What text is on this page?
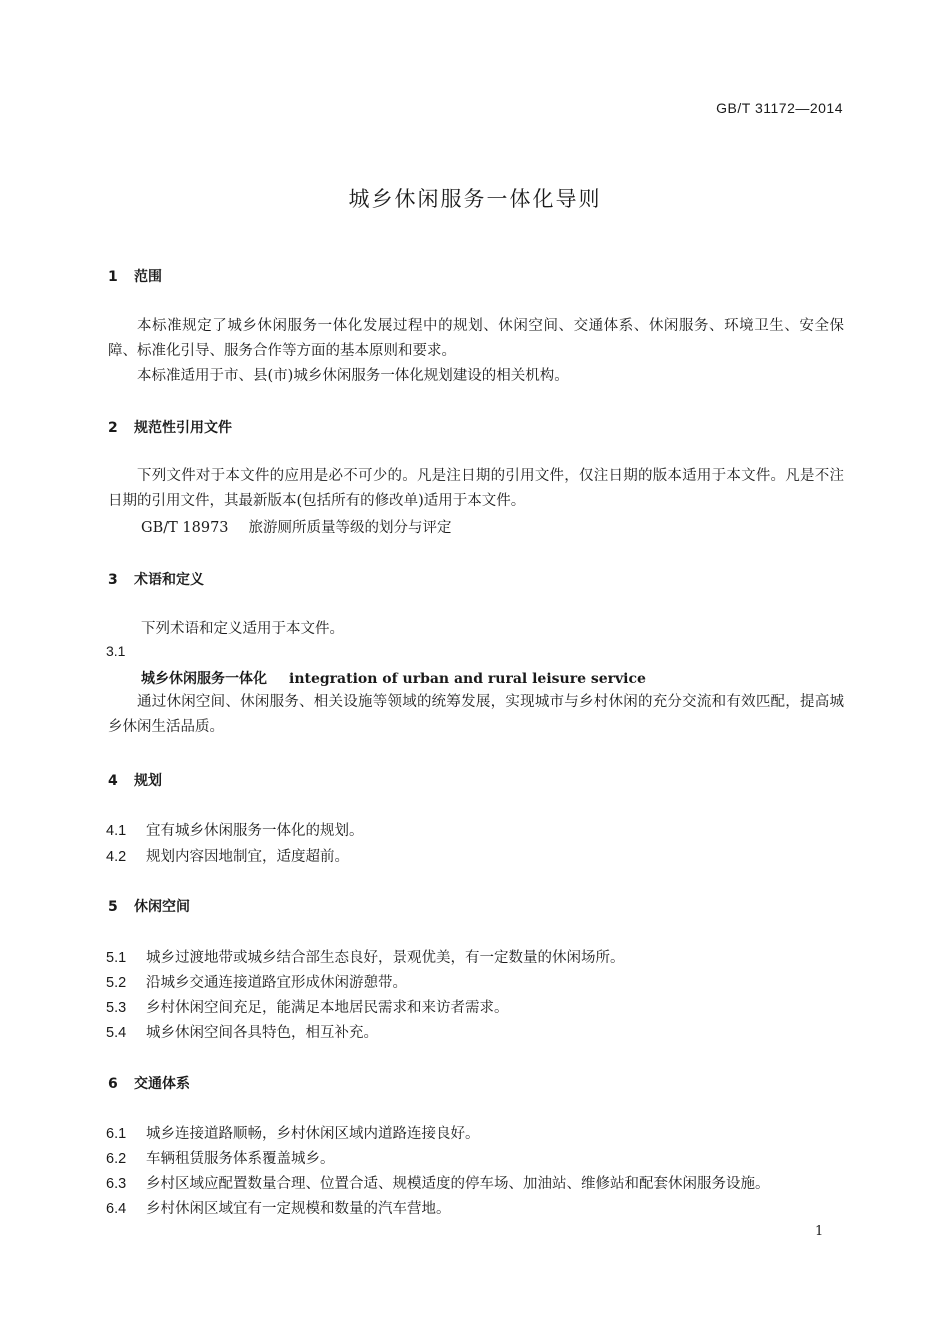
GB/T 31172—2014
城乡休闲服务一体化导则
1 范围
本标准规定了城乡休闲服务一体化发展过程中的规划、休闲空间、交通体系、休闲服务、环境卫生、安全保障、标准化引导、服务合作等方面的基本原则和要求。
本标准适用于市、县(市)城乡休闲服务一体化规划建设的相关机构。
2 规范性引用文件
下列文件对于本文件的应用是必不可少的。凡是注日期的引用文件，仅注日期的版本适用于本文件。凡是不注日期的引用文件，其最新版本(包括所有的修改单)适用于本文件。
GB/T 18973 旅游厕所质量等级的划分与评定
3 术语和定义
下列术语和定义适用于本文件。
3.1
城乡休闲服务一体化 integration of urban and rural leisure service
通过休闲空间、休闲服务、相关设施等领域的统筹发展，实现城市与乡村休闲的充分交流和有效匹配，提高城乡休闲生活品质。
4 规划
4.1 宜有城乡休闲服务一体化的规划。
4.2 规划内容因地制宜，适度超前。
5 休闲空间
5.1 城乡过渡地带或城乡结合部生态良好，景观优美，有一定数量的休闲场所。
5.2 沿城乡交通连接道路宜形成休闲游憩带。
5.3 乡村休闲空间充足，能满足本地居民需求和来访者需求。
5.4 城乡休闲空间各具特色，相互补充。
6 交通体系
6.1 城乡连接道路顺畅，乡村休闲区域内道路连接良好。
6.2 车辆租赁服务体系覆盖城乡。
6.3 乡村区域应配置数量合理、位置合适、规模适度的停车场、加油站、维修站和配套休闲服务设施。
6.4 乡村休闲区域宜有一定规模和数量的汽车营地。
1
